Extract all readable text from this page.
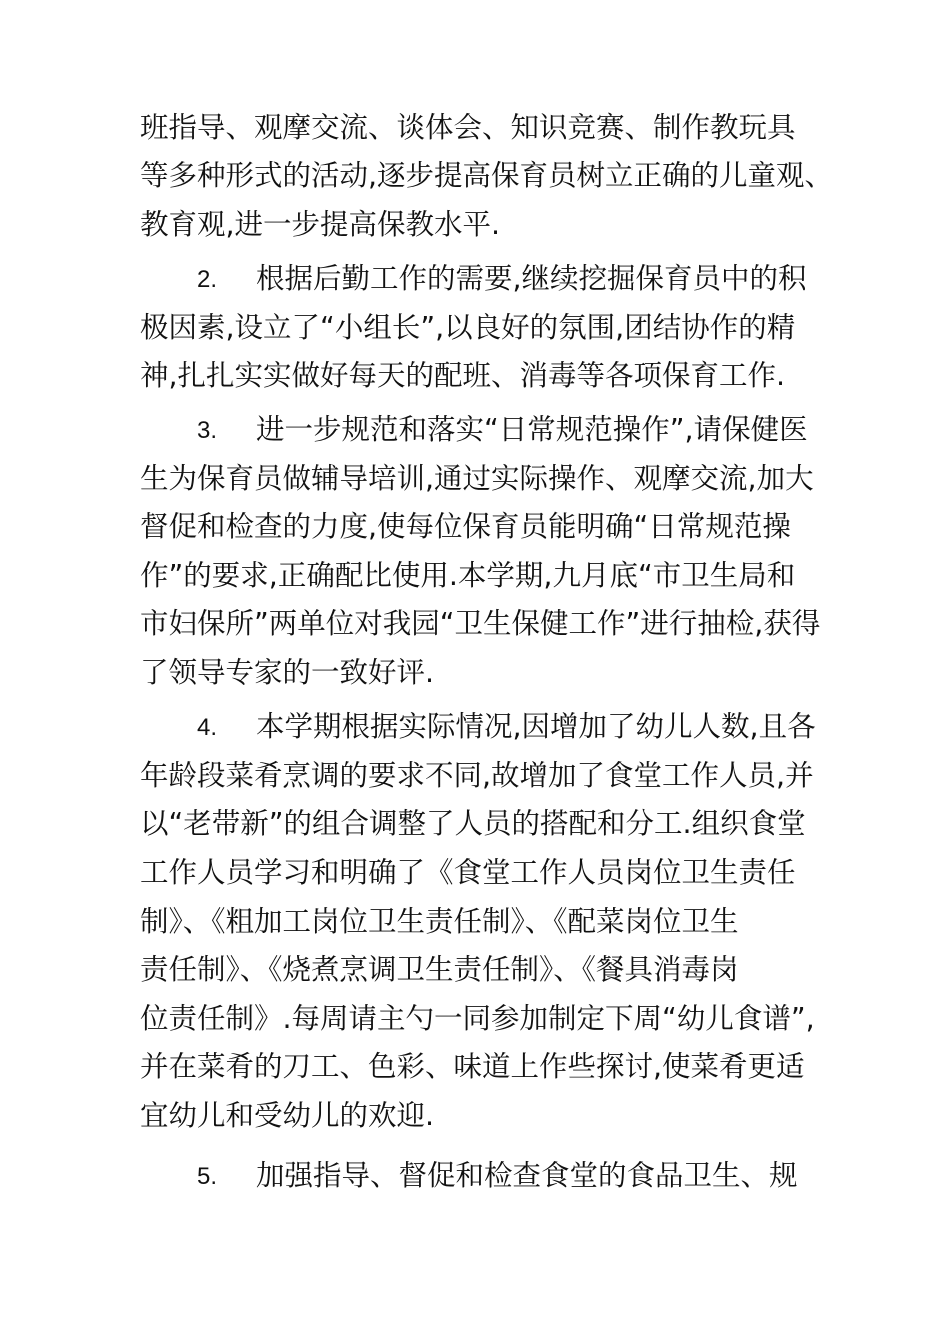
班指导、观摩交流、谈体会、知识竞赛、制作教玩具
等多种形式的活动,逐步提高保育员树立正确的儿童观、
教育观,进一步提高保教水平.
2. 根据后勤工作的需要,继续挖掘保育员中的积
极因素,设立了“小组长”,以良好的氛围,团结协作的精
神,扎扎实实做好每天的配班、消毒等各项保育工作.
3. 进一步规范和落实“日常规范操作”,请保健医
生为保育员做辅导培训,通过实际操作、观摩交流,加大
督促和检查的力度,使每位保育员能明确“日常规范操
作”的要求,正确配比使用.本学期,九月底“市卫生局和
市妇保所”两单位对我园“卫生保健工作”进行抽检,获得
了领导专家的一致好评.
4. 本学期根据实际情况,因增加了幼儿人数,且各
年龄段菜肴烹调的要求不同,故增加了食堂工作人员,并
以“老带新”的组合调整了人员的搭配和分工.组织食堂
工作人员学习和明确了《食堂工作人员岗位卫生责任
制》、《粗加工岗位卫生责任制》、《配菜岗位卫生
责任制》、《烧煮烹调卫生责任制》、《餐具消毒岗
位责任制》.每周请主勺一同参加制定下周“幼儿食谱”,
并在菜肴的刀工、色彩、味道上作些探讨,使菜肴更适
宜幼儿和受幼儿的欢迎.
5. 加强指导、督促和检查食堂的食品卫生、规
